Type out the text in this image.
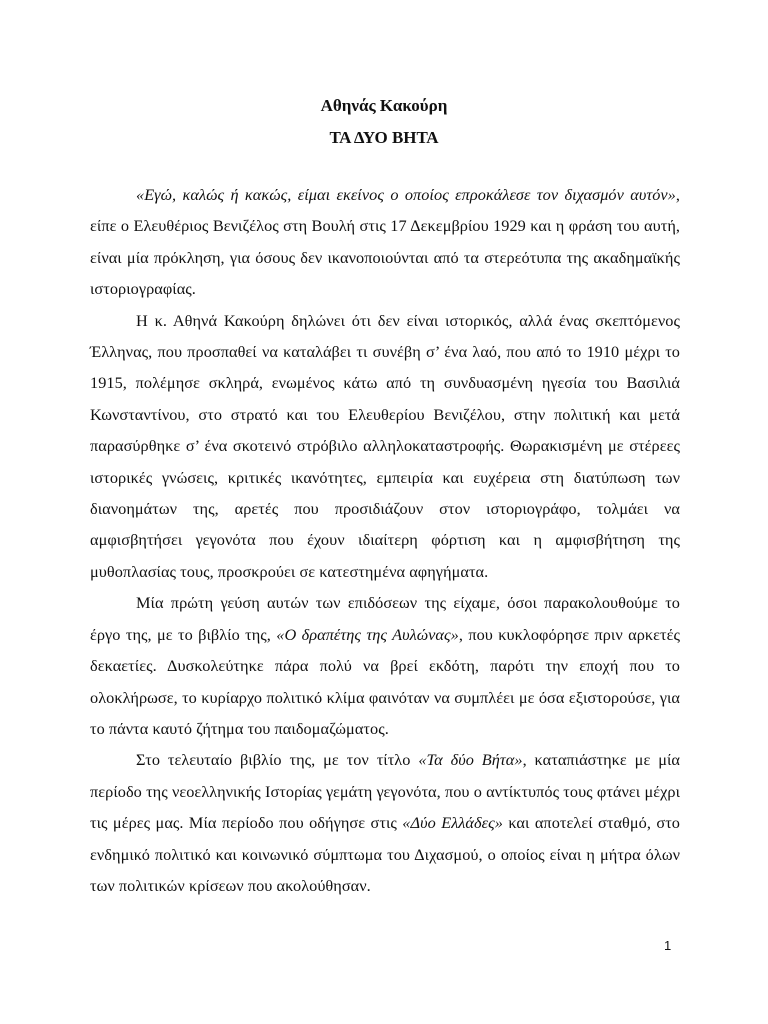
Αθηνάς Κακούρη
ΤΑ ΔΥΟ ΒΗΤΑ

«Εγώ, καλώς ή κακώς, είμαι εκείνος ο οποίος επροκάλεσε τον διχασμόν αυτόν», είπε ο Ελευθέριος Βενιζέλος στη Βουλή στις 17 Δεκεμβρίου 1929 και η φράση του αυτή, είναι μία πρόκληση, για όσους δεν ικανοποιούνται από τα στερεότυπα της ακαδημαϊκής ιστοριογραφίας.

Η κ. Αθηνά Κακούρη δηλώνει ότι δεν είναι ιστορικός, αλλά ένας σκεπτόμενος Έλληνας, που προσπαθεί να καταλάβει τι συνέβη σ’ ένα λαό, που από το 1910 μέχρι το 1915, πολέμησε σκληρά, ενωμένος κάτω από τη συνδυασμένη ηγεσία του Βασιλιά Κωνσταντίνου, στο στρατό και του Ελευθερίου Βενιζέλου, στην πολιτική και μετά παρασύρθηκε σ’ ένα σκοτεινό στρόβιλο αλληλοκαταστροφής. Θωρακισμένη με στέρεες ιστορικές γνώσεις, κριτικές ικανότητες, εμπειρία και ευχέρεια στη διατύπωση των διανοημάτων της, αρετές που προσιδιάζουν στον ιστοριογράφο, τολμάει να αμφισβητήσει γεγονότα που έχουν ιδιαίτερη φόρτιση και η αμφισβήτηση της μυθοπλασίας τους, προσκρούει σε κατεστημένα αφηγήματα.

Μία πρώτη γεύση αυτών των επιδόσεων της είχαμε, όσοι παρακολουθούμε το έργο της, με το βιβλίο της, «Ο δραπέτης της Αυλώνας», που κυκλοφόρησε πριν αρκετές δεκαετίες. Δυσκολεύτηκε πάρα πολύ να βρεί εκδότη, παρότι την εποχή που το ολοκλήρωσε, το κυρίαρχο πολιτικό κλίμα φαινόταν να συμπλέει με όσα εξιστορούσε, για το πάντα καυτό ζήτημα του παιδομαζώματος.

Στο τελευταίο βιβλίο της, με τον τίτλο «Τα δύο Βήτα», καταπιάστηκε με μία περίοδο της νεοελληνικής Ιστορίας γεμάτη γεγονότα, που ο αντίκτυπός τους φτάνει μέχρι τις μέρες μας. Μία περίοδο που οδήγησε στις «Δύο Ελλάδες» και αποτελεί σταθμό, στο ενδημικό πολιτικό και κοινωνικό σύμπτωμα του Διχασμού, ο οποίος είναι η μήτρα όλων των πολιτικών κρίσεων που ακολούθησαν.

1
